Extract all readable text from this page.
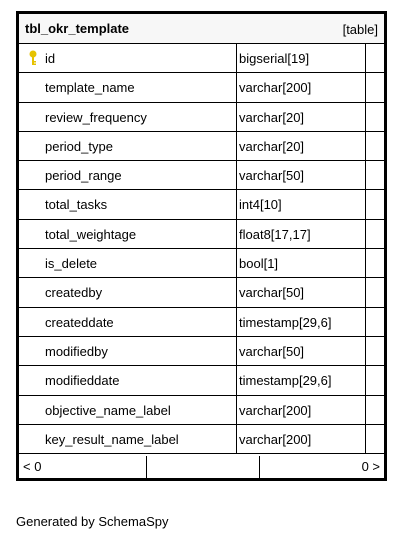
tbl_okr_template	[table]
id	bigserial[19]
template_name	varchar[200]
review_frequency	varchar[20]
period_type	varchar[20]
period_range	varchar[50]
total_tasks	int4[10]
total_weightage	float8[17,17]
is_delete	bool[1]
createdby	varchar[50]
createddate	timestamp[29,6]
modifiedby	varchar[50]
modifieddate	timestamp[29,6]
objective_name_label	varchar[200]
key_result_name_label	varchar[200]
< 0	0 >
Generated by SchemaSpy
